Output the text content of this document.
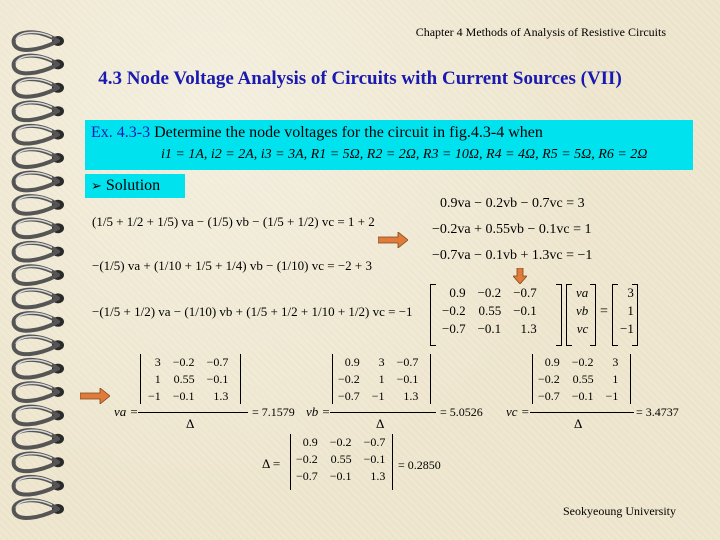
Chapter 4 Methods of Analysis of Resistive Circuits
4.3 Node Voltage Analysis of Circuits with Current Sources (VII)
Ex. 4.3-3 Determine the node voltages for the circuit in fig.4.3-4 when
i1 = 1A, i2 = 2A, i3 = 3A, R1 = 5Ω, R2 = 2Ω, R3 = 10Ω, R4 = 4Ω, R5 = 5Ω, R6 = 2Ω
➢ Solution
(1/5 + 1/2 + 1/5) va − (1/5) vb − (1/5 + 1/2) vc = 1 + 2
−(1/5) va + (1/10 + 1/5 + 1/4) vb − (1/10) vc = −2 + 3
−(1/5 + 1/2) va − (1/10) vb + (1/5 + 1/2 + 1/10 + 1/2) vc = −1
0.9va − 0.2vb − 0.7vc = 3
−0.2va + 0.55vb − 0.1vc = 1
−0.7va − 0.1vb + 1.3vc = −1
0.9	−0.2	−0.7
−0.2	0.55	−0.1
−0.7	−0.1	1.3
va
vb
vc
=
3
1
−1
va =
3	−0.2	−0.7
1	0.55	−0.1
−1	−0.1	1.3
Δ
= 7.1579 vb =
0.9	3	−0.7
−0.2	1	−0.1
−0.7	−1	1.3
Δ
= 5.0526 vc =
0.9	−0.2	3
−0.2	0.55	1
−0.7	−0.1	−1
Δ
= 3.4737
Δ =
0.9	−0.2	−0.7
−0.2	0.55	−0.1
−0.7	−0.1	1.3
= 0.2850
Seokyeoung University
